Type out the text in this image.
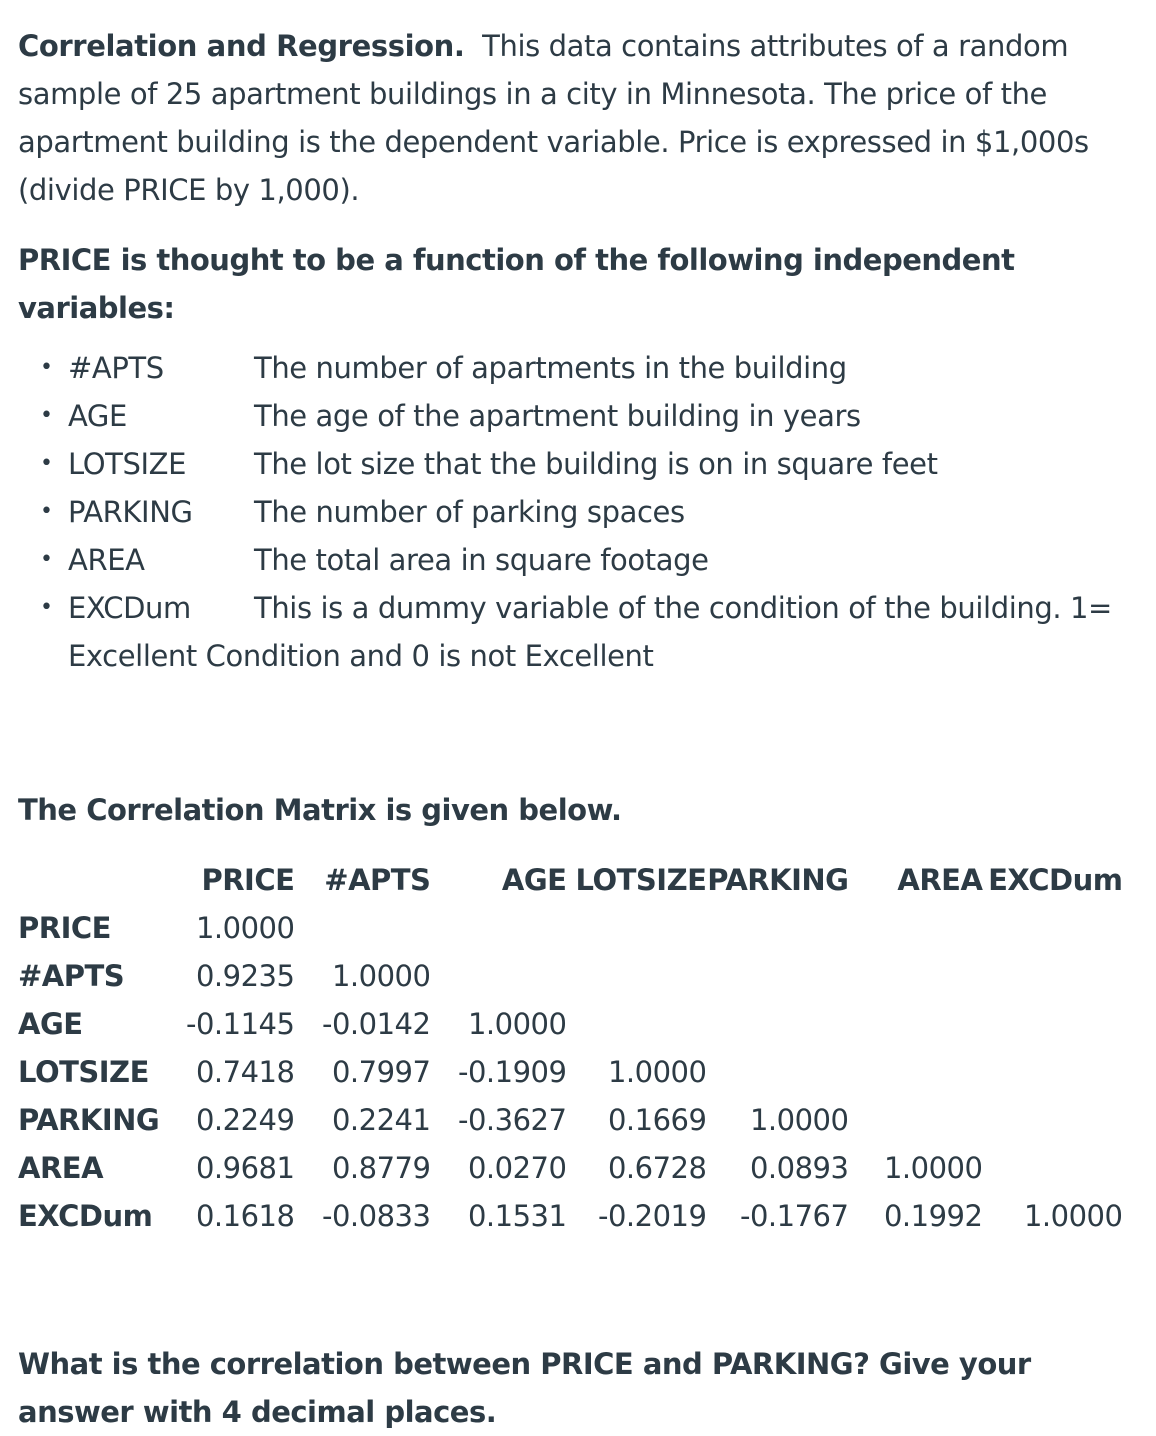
Correlation and Regression. This data contains attributes of a random sample of 25 apartment buildings in a city in Minnesota. The price of the apartment building is the dependent variable. Price is expressed in $1,000s (divide PRICE by 1,000).

PRICE is thought to be a function of the following independent variables:

• #APTS	The number of apartments in the building
• AGE	The age of the apartment building in years
• LOTSIZE The lot size that the building is on in square feet
• PARKING The number of parking spaces
• AREA	The total area in square footage
• EXCDum This is a dummy variable of the condition of the building. 1=
Excellent Condition and 0 is not Excellent

The Correlation Matrix is given below.

	PRICE	#APTS	AGE	LOTSIZE	PARKING	AREA	EXCDum
PRICE	1.0000						
#APTS	0.9235	1.0000					
AGE	-0.1145	-0.0142	1.0000				
LOTSIZE	0.7418	0.7997	-0.1909	1.0000			
PARKING	0.2249	0.2241	-0.3627	0.1669	1.0000		
AREA	0.9681	0.8779	0.0270	0.6728	0.0893	1.0000	
EXCDum	0.1618	-0.0833	0.1531	-0.2019	-0.1767	0.1992	1.0000

What is the correlation between PRICE and PARKING? Give your answer with 4 decimal places.
